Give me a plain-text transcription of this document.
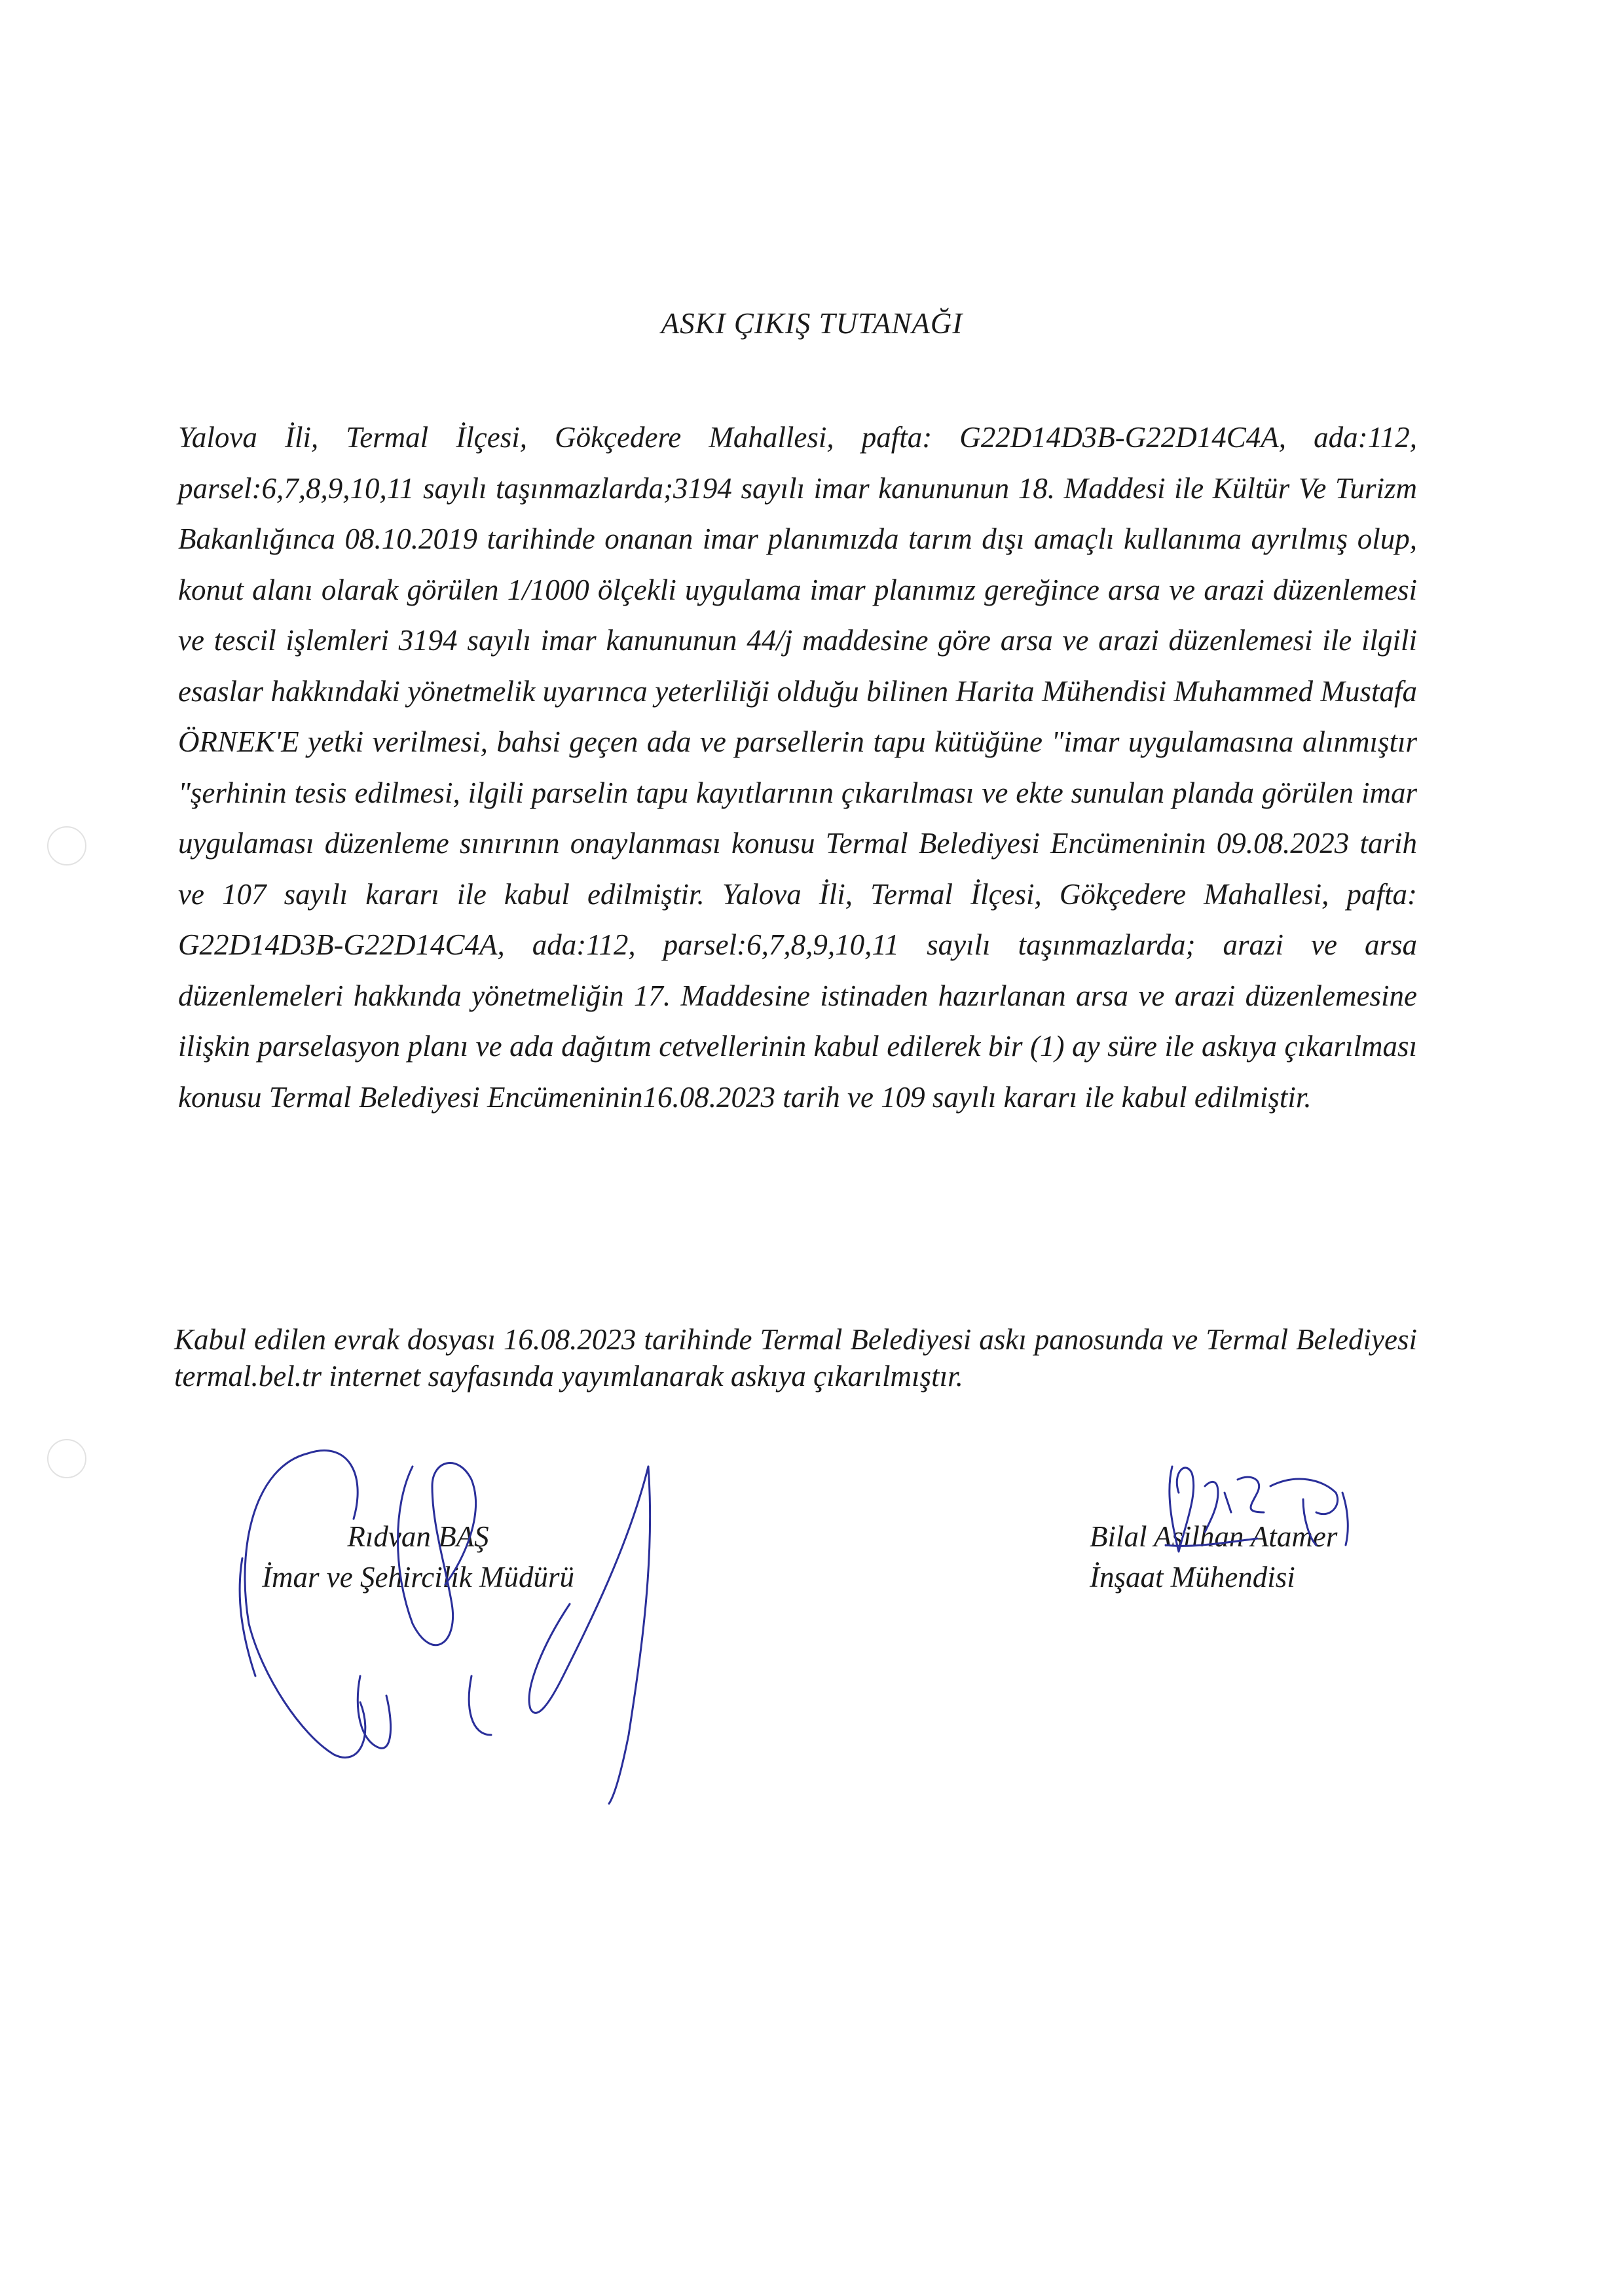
ASKI ÇIKIŞ TUTANAĞI

Yalova İli, Termal İlçesi, Gökçedere Mahallesi, pafta: G22D14D3B-G22D14C4A, ada:112, parsel:6,7,8,9,10,11 sayılı taşınmazlarda;3194 sayılı imar kanununun 18. Maddesi ile Kültür Ve Turizm Bakanlığınca 08.10.2019 tarihinde onanan imar planımızda tarım dışı amaçlı kullanıma ayrılmış olup, konut alanı olarak görülen 1/1000 ölçekli uygulama imar planımız gereğince arsa ve arazi düzenlemesi ve tescil işlemleri 3194 sayılı imar kanununun 44/j maddesine göre arsa ve arazi düzenlemesi ile ilgili esaslar hakkındaki yönetmelik uyarınca yeterliliği olduğu bilinen Harita Mühendisi Muhammed Mustafa ÖRNEK'E yetki verilmesi, bahsi geçen ada ve parsellerin tapu kütüğüne "imar uygulamasına alınmıştır "şerhinin tesis edilmesi, ilgili parselin tapu kayıtlarının çıkarılması ve ekte sunulan planda görülen imar uygulaması düzenleme sınırının onaylanması konusu Termal Belediyesi Encümeninin 09.08.2023 tarih ve 107 sayılı kararı ile kabul edilmiştir. Yalova İli, Termal İlçesi, Gökçedere Mahallesi, pafta: G22D14D3B-G22D14C4A, ada:112, parsel:6,7,8,9,10,11 sayılı taşınmazlarda; arazi ve arsa düzenlemeleri hakkında yönetmeliğin 17. Maddesine istinaden hazırlanan arsa ve arazi düzenlemesine ilişkin parselasyon planı ve ada dağıtım cetvellerinin kabul edilerek bir (1) ay süre ile askıya çıkarılması konusu Termal Belediyesi Encümeninin16.08.2023 tarih ve 109 sayılı kararı ile kabul edilmiştir.

Kabul edilen evrak dosyası 16.08.2023 tarihinde Termal Belediyesi askı panosunda ve Termal Belediyesi termal.bel.tr internet sayfasında yayımlanarak askıya çıkarılmıştır.

Rıdvan BAŞ
İmar ve Şehircilik Müdürü
Bilal Asilhan Atamer
İnşaat Mühendisi
